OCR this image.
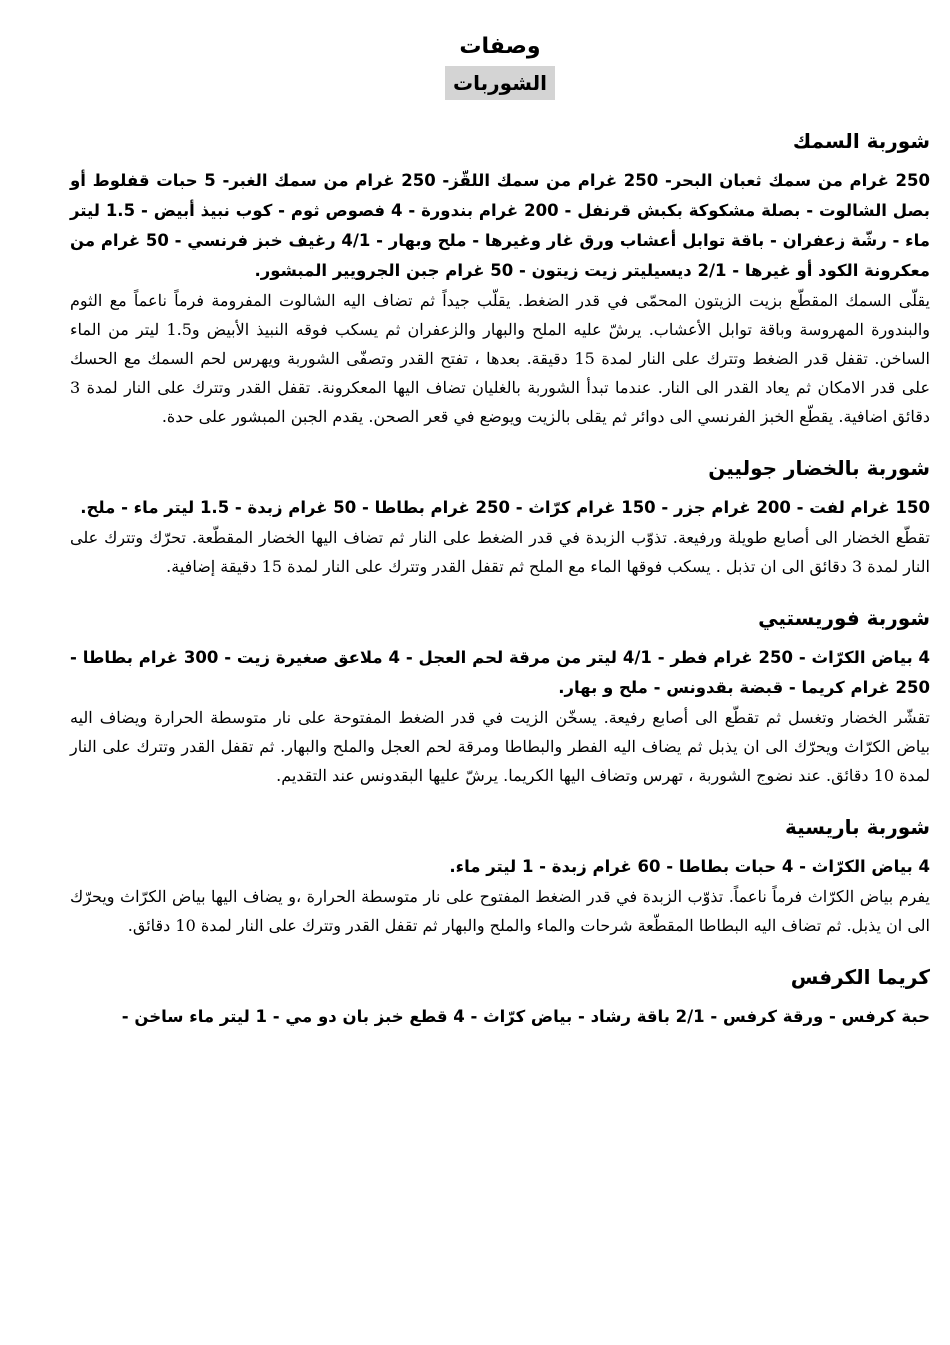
وصفات
الشوربات
شوربة السمك

250 غرام من سمك ثعبان البحر- 250 غرام من سمك اللقّز- 250 غرام من سمك الغبر- 5 حبات قفلوط أو بصل الشالوت - بصلة مشكوكة بكبش قرنفل - 200 غرام بندورة - 4 فصوص ثوم - كوب نبيذ أبيض - 1.5 ليتر ماء - رشّة زعفران - باقة توابل أعشاب ورق غار وغيرها - ملح وبهار - 4/1 رغيف خبز فرنسي - 50 غرام من معكرونة الكود أو غيرها - 2/1 ديسيليتر زيت زيتون - 50 غرام جبن الجرويير المبشور.

يقلّى السمك المقطّع بزيت الزيتون المحمّى في قدر الضغط. يقلّب جيداً ثم تضاف اليه الشالوت المفرومة فرماً ناعماً مع الثوم والبندورة المهروسة وباقة توابل الأعشاب. يرشّ عليه الملح والبهار والزعفران ثم يسكب فوقه النبيذ الأبيض و1.5 ليتر من الماء الساخن. تقفل قدر الضغط وتترك على النار لمدة 15 دقيقة. بعدها ، تفتح القدر وتصفّى الشوربة ويهرس لحم السمك مع الحسك على قدر الامكان ثم يعاد القدر الى النار. عندما تبدأ الشوربة بالغليان تضاف اليها المعكرونة. تقفل القدر وتترك على النار لمدة 3 دقائق اضافية. يقطّع الخبز الفرنسي الى دوائر ثم يقلى بالزيت ويوضع في قعر الصحن. يقدم الجبن المبشور على حدة.

شوربة بالخضار جوليين

150 غرام لفت - 200 غرام جزر - 150 غرام كرّاث - 250 غرام بطاطا - 50 غرام زبدة - 1.5 ليتر ماء - ملح.

تقطّع الخضار الى أصابع طويلة ورفيعة. تذوّب الزبدة في قدر الضغط على النار ثم تضاف اليها الخضار المقطّعة. تحرّك وتترك على النار لمدة 3 دقائق الى ان تذبل . يسكب فوقها الماء مع الملح ثم تقفل القدر وتترك على النار لمدة 15 دقيقة إضافية.

شوربة فوريستيي

4 بياض الكرّاث - 250 غرام فطر - 4/1 ليتر من مرقة لحم العجل - 4 ملاعق صغيرة زيت - 300 غرام بطاطا - 250 غرام كريما - قبضة بقدونس - ملح و بهار.

تقشّر الخضار وتغسل ثم تقطّع الى أصابع رفيعة. يسخّن الزيت في قدر الضغط المفتوحة على نار متوسطة الحرارة ويضاف اليه بياض الكرّاث ويحرّك الى ان يذبل ثم يضاف اليه الفطر والبطاطا ومرقة لحم العجل والملح والبهار. ثم تقفل القدر وتترك على النار لمدة 10 دقائق. عند نضوج الشوربة ، تهرس وتضاف اليها الكريما. يرشّ عليها البقدونس عند التقديم.

شوربة باريسية

4 بياض الكرّاث - 4 حبات بطاطا - 60 غرام زبدة - 1 ليتر ماء.

يفرم بياض الكرّاث فرماً ناعماً. تذوّب الزبدة في قدر الضغط المفتوح على نار متوسطة الحرارة ،و يضاف اليها بياض الكرّاث ويحرّك الى ان يذبل. ثم تضاف اليه البطاطا المقطّعة شرحات والماء والملح والبهار ثم تقفل القدر وتترك على النار لمدة 10 دقائق.

كريما الكرفس

حبة كرفس - ورقة كرفس - 2/1 باقة رشاد - بياض كرّاث - 4 قطع خبز بان دو مي - 1 ليتر ماء ساخن -
